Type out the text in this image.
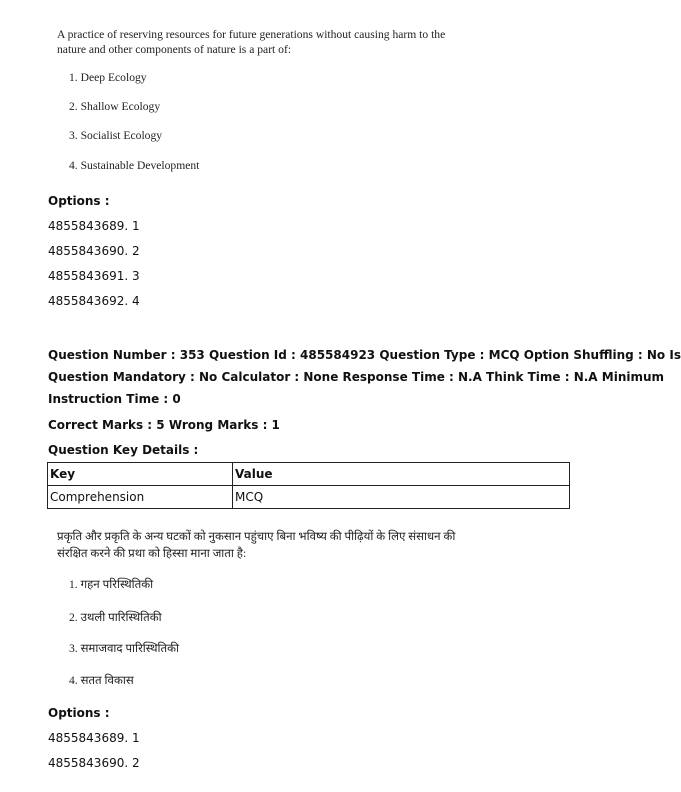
A practice of reserving resources for future generations without causing harm to the nature and other components of nature is a part of:
1. Deep Ecology
2. Shallow Ecology
3. Socialist Ecology
4. Sustainable Development
Options :
4855843689. 1
4855843690. 2
4855843691. 3
4855843692. 4
Question Number : 353 Question Id : 485584923 Question Type : MCQ Option Shuffling : No Is
Question Mandatory : No Calculator : None Response Time : N.A Think Time : N.A Minimum
Instruction Time : 0
Correct Marks : 5 Wrong Marks : 1
Question Key Details :
Key	Value
Comprehension	MCQ
प्रकृति और प्रकृति के अन्य घटकों को नुकसान पहुंचाए बिना भविष्य की पीढ़ियों के लिए संसाधन की संरक्षित करने की प्रथा को हिस्सा माना जाता है:
1. गहन परिस्थितिकी
2. उथली पारिस्थितिकी
3. समाजवाद पारिस्थितिकी
4. सतत विकास
Options :
4855843689. 1
4855843690. 2
